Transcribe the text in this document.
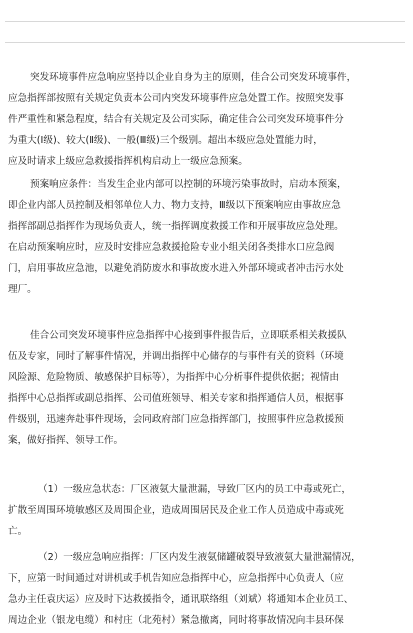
突发环境事件应急响应坚持以企业自身为主的原则，佳合公司突发环境事件，
应急指挥部按照有关规定负责本公司内突发环境事件应急处置工作。按照突发事
件严重性和紧急程度，结合有关规定及公司实际，确定佳合公司突发环境事件分
为重大(Ⅰ级)、较大(Ⅱ级)、一般(Ⅲ级)三个级别。超出本级应急处置能力时，
应及时请求上级应急救援指挥机构启动上一级应急预案。
预案响应条件：当发生企业内部可以控制的环境污染事故时，启动本预案，
即企业内部人员控制及相邻单位人力、物力支持，Ⅲ级以下预案响应由事故应急
指挥部副总指挥作为现场负责人，统一指挥调度救援工作和开展事故应急处理。
在启动预案响应时，应及时安排应急救援抢险专业小组关闭各类排水口应急阀
门，启用事故应急池，以避免消防废水和事故废水进入外部环境或者冲击污水处
理厂。

佳合公司突发环境事件应急指挥中心接到事件报告后，立即联系相关救援队
伍及专家，同时了解事件情况，并调出指挥中心储存的与事件有关的资料（环境
风险源、危险物质、敏感保护目标等），为指挥中心分析事件提供依据；视情由
指挥中心总指挥或副总指挥、公司值班领导、相关专家和指挥通信人员，根据事
件级别，迅速奔赴事件现场，会同政府部门应急指挥部门，按照事件应急救援预
案，做好指挥、领导工作。

（1）一级应急状态：厂区液氨大量泄漏，导致厂区内的员工中毒或死亡，
扩散至周围环境敏感区及周围企业，造成周围居民及企业工作人员造成中毒或死
亡。
（2）一级应急响应指挥：厂区内发生液氨储罐破裂导致液氨大量泄漏情况，
下，应第一时间通过对讲机或手机告知应急指挥中心，应急指挥中心负责人（应
急办主任袁庆运）应及时下达救援指令，通讯联络组（刘斌）将通知本企业员工、
周边企业（银龙电缆）和村庄（北苑村）紧急撤离，同时将事故情况向丰县环保
